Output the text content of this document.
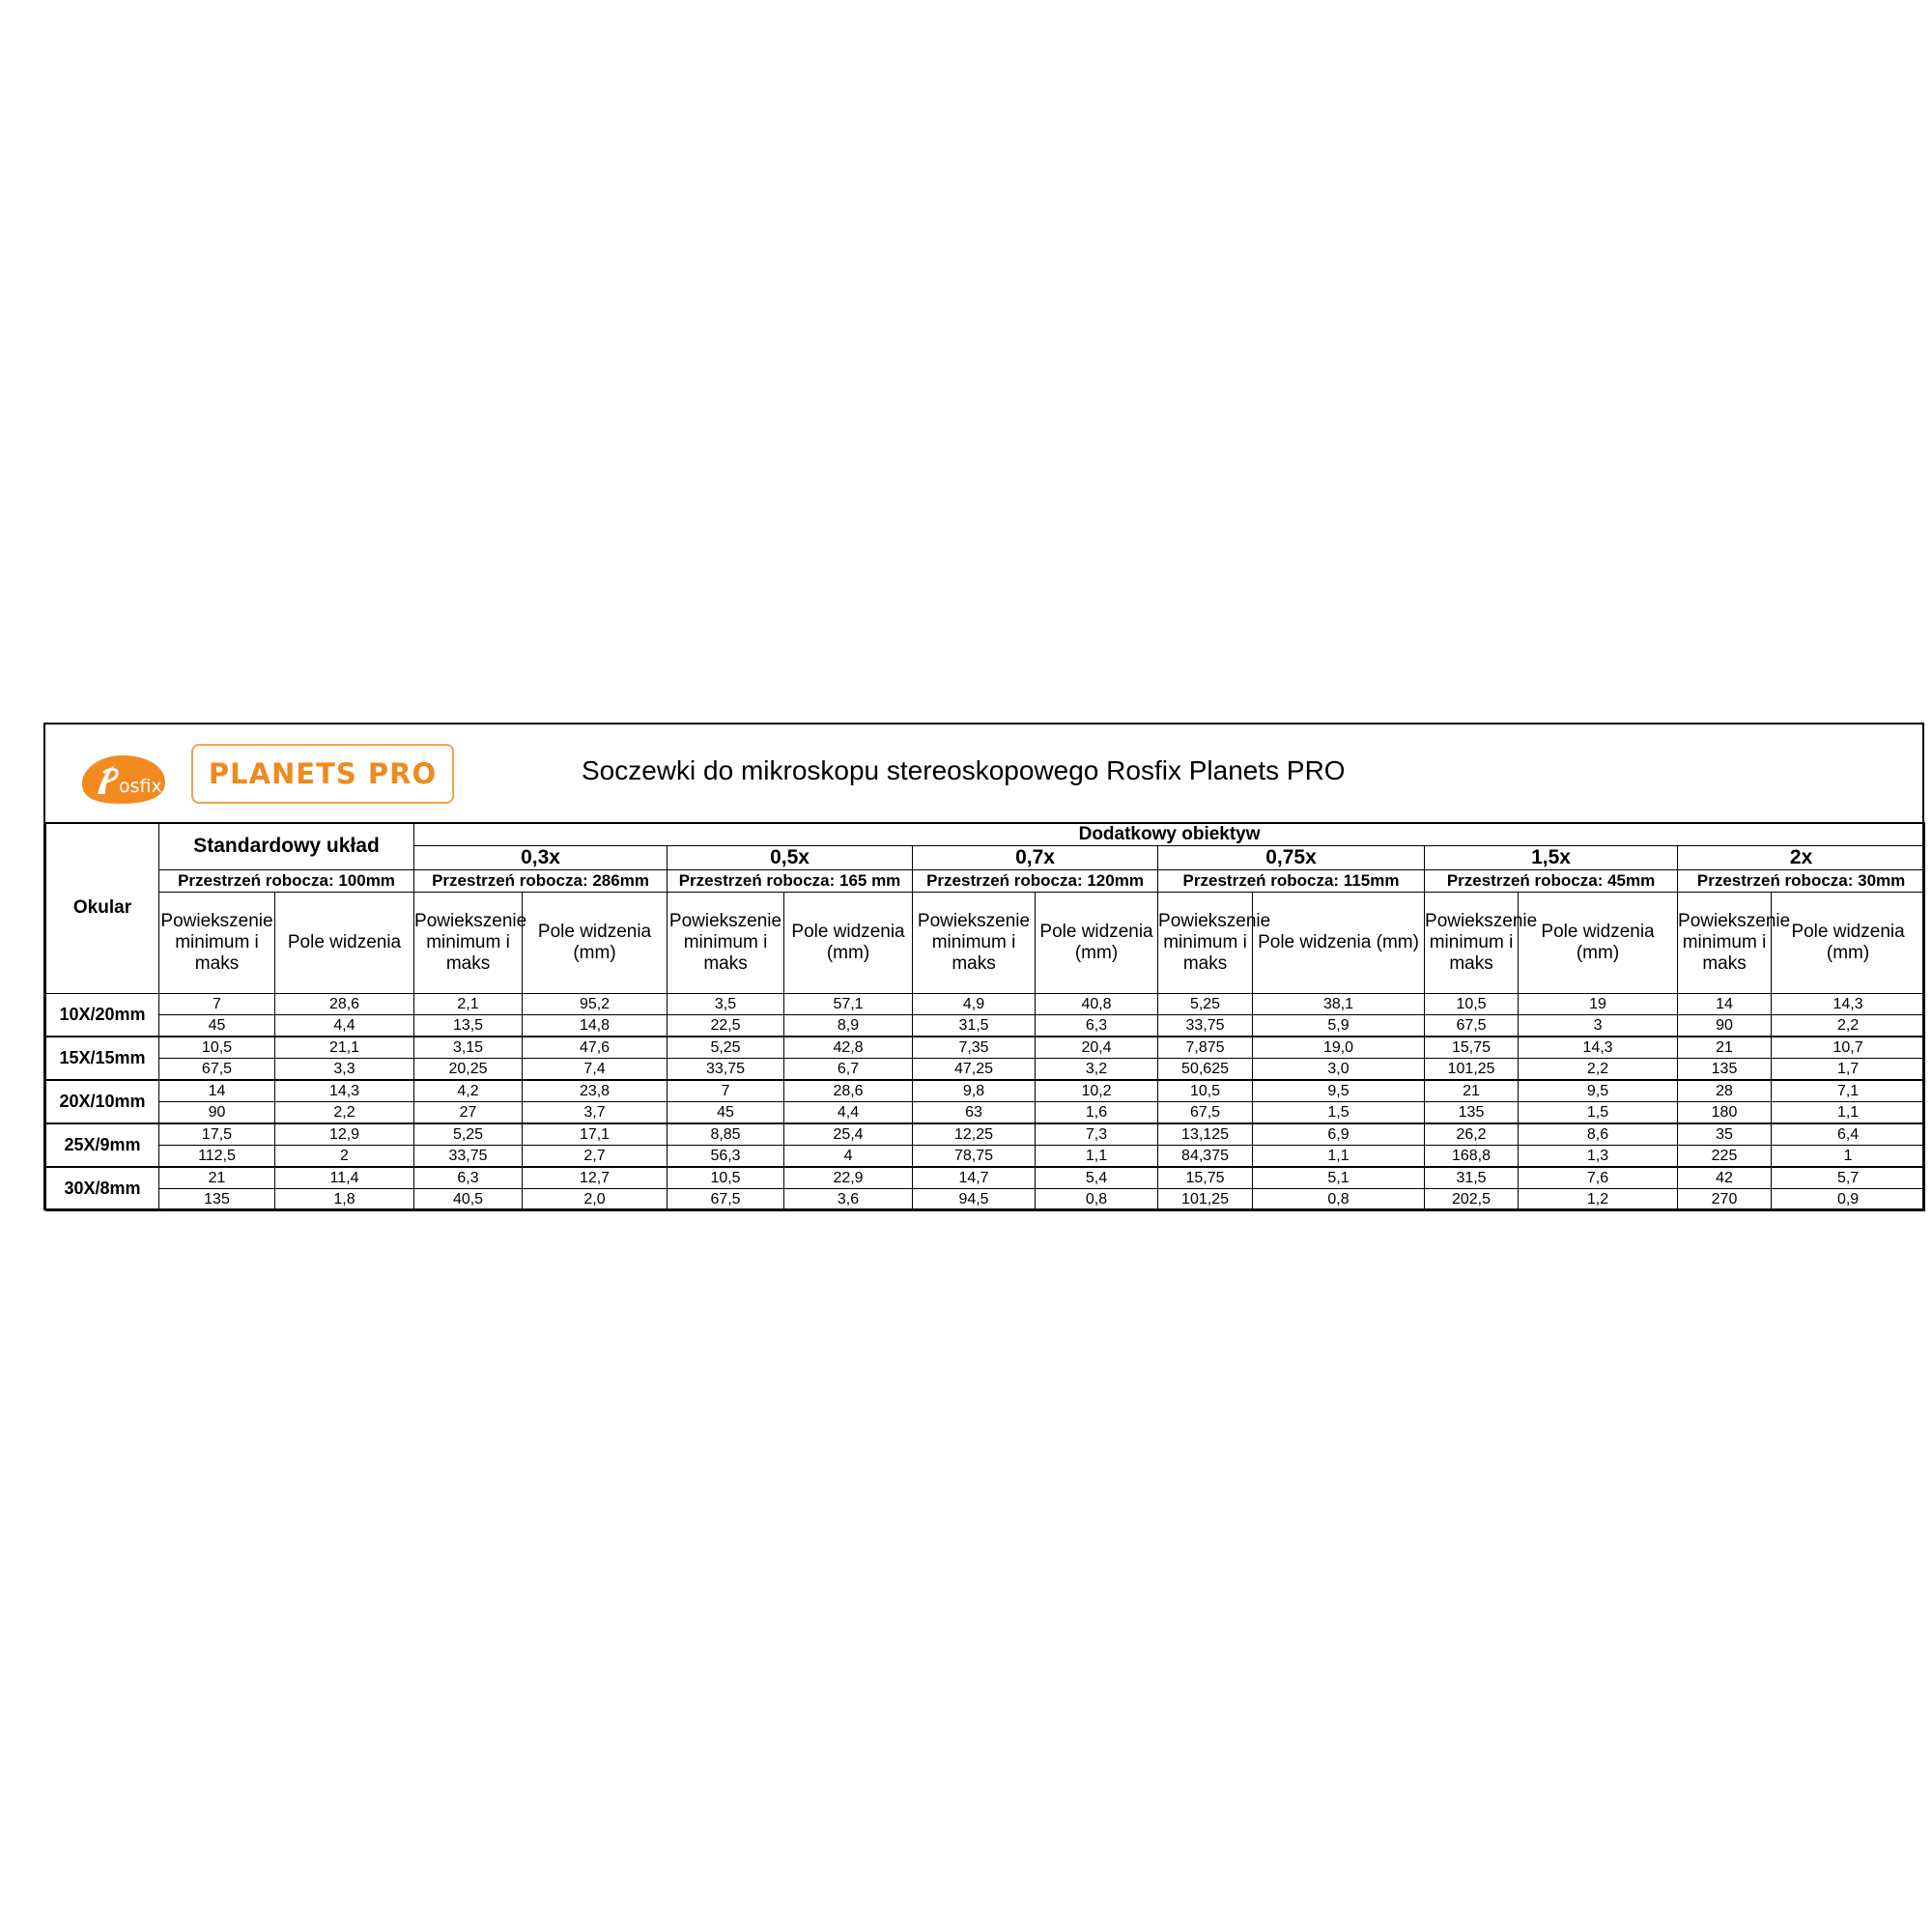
osfix	PLANETS PRO	Soczewki do mikroskopu stereoskopowego Rosfix Planets PRO
Okular	Standardowy układ		Dodatkowy obiektyw											
			0,3x		0,5x		0,7x		0,75x		1,5x		2x	
	Przestrzeń robocza: 100mm		Przestrzeń robocza: 286mm		Przestrzeń robocza: 165 mm		Przestrzeń robocza: 120mm		Przestrzeń robocza: 115mm		Przestrzeń robocza: 45mm		Przestrzeń robocza: 30mm	
	Powiekszenie minimum i maks	Pole widzenia	Powiekszenie minimum i maks	Pole widzenia (mm)	Powiekszenie minimum i maks	Pole widzenia (mm)	Powiekszenie minimum i maks	Pole widzenia (mm)	Powiekszenie minimum i maks	Pole widzenia (mm)	Powiekszenie minimum i maks	Pole widzenia (mm)	Powiekszenie minimum i maks	Pole widzenia (mm)
10X/20mm	7	28,6	2,1	95,2	3,5	57,1	4,9	40,8	5,25	38,1	10,5	19	14	14,3
	45	4,4	13,5	14,8	22,5	8,9	31,5	6,3	33,75	5,9	67,5	3	90	2,2
15X/15mm	10,5	21,1	3,15	47,6	5,25	42,8	7,35	20,4	7,875	19,0	15,75	14,3	21	10,7
	67,5	3,3	20,25	7,4	33,75	6,7	47,25	3,2	50,625	3,0	101,25	2,2	135	1,7
20X/10mm	14	14,3	4,2	23,8	7	28,6	9,8	10,2	10,5	9,5	21	9,5	28	7,1
	90	2,2	27	3,7	45	4,4	63	1,6	67,5	1,5	135	1,5	180	1,1
25X/9mm	17,5	12,9	5,25	17,1	8,85	25,4	12,25	7,3	13,125	6,9	26,2	8,6	35	6,4
	112,5	2	33,75	2,7	56,3	4	78,75	1,1	84,375	1,1	168,8	1,3	225	1
30X/8mm	21	11,4	6,3	12,7	10,5	22,9	14,7	5,4	15,75	5,1	31,5	7,6	42	5,7
	135	1,8	40,5	2,0	67,5	3,6	94,5	0,8	101,25	0,8	202,5	1,2	270	0,9
